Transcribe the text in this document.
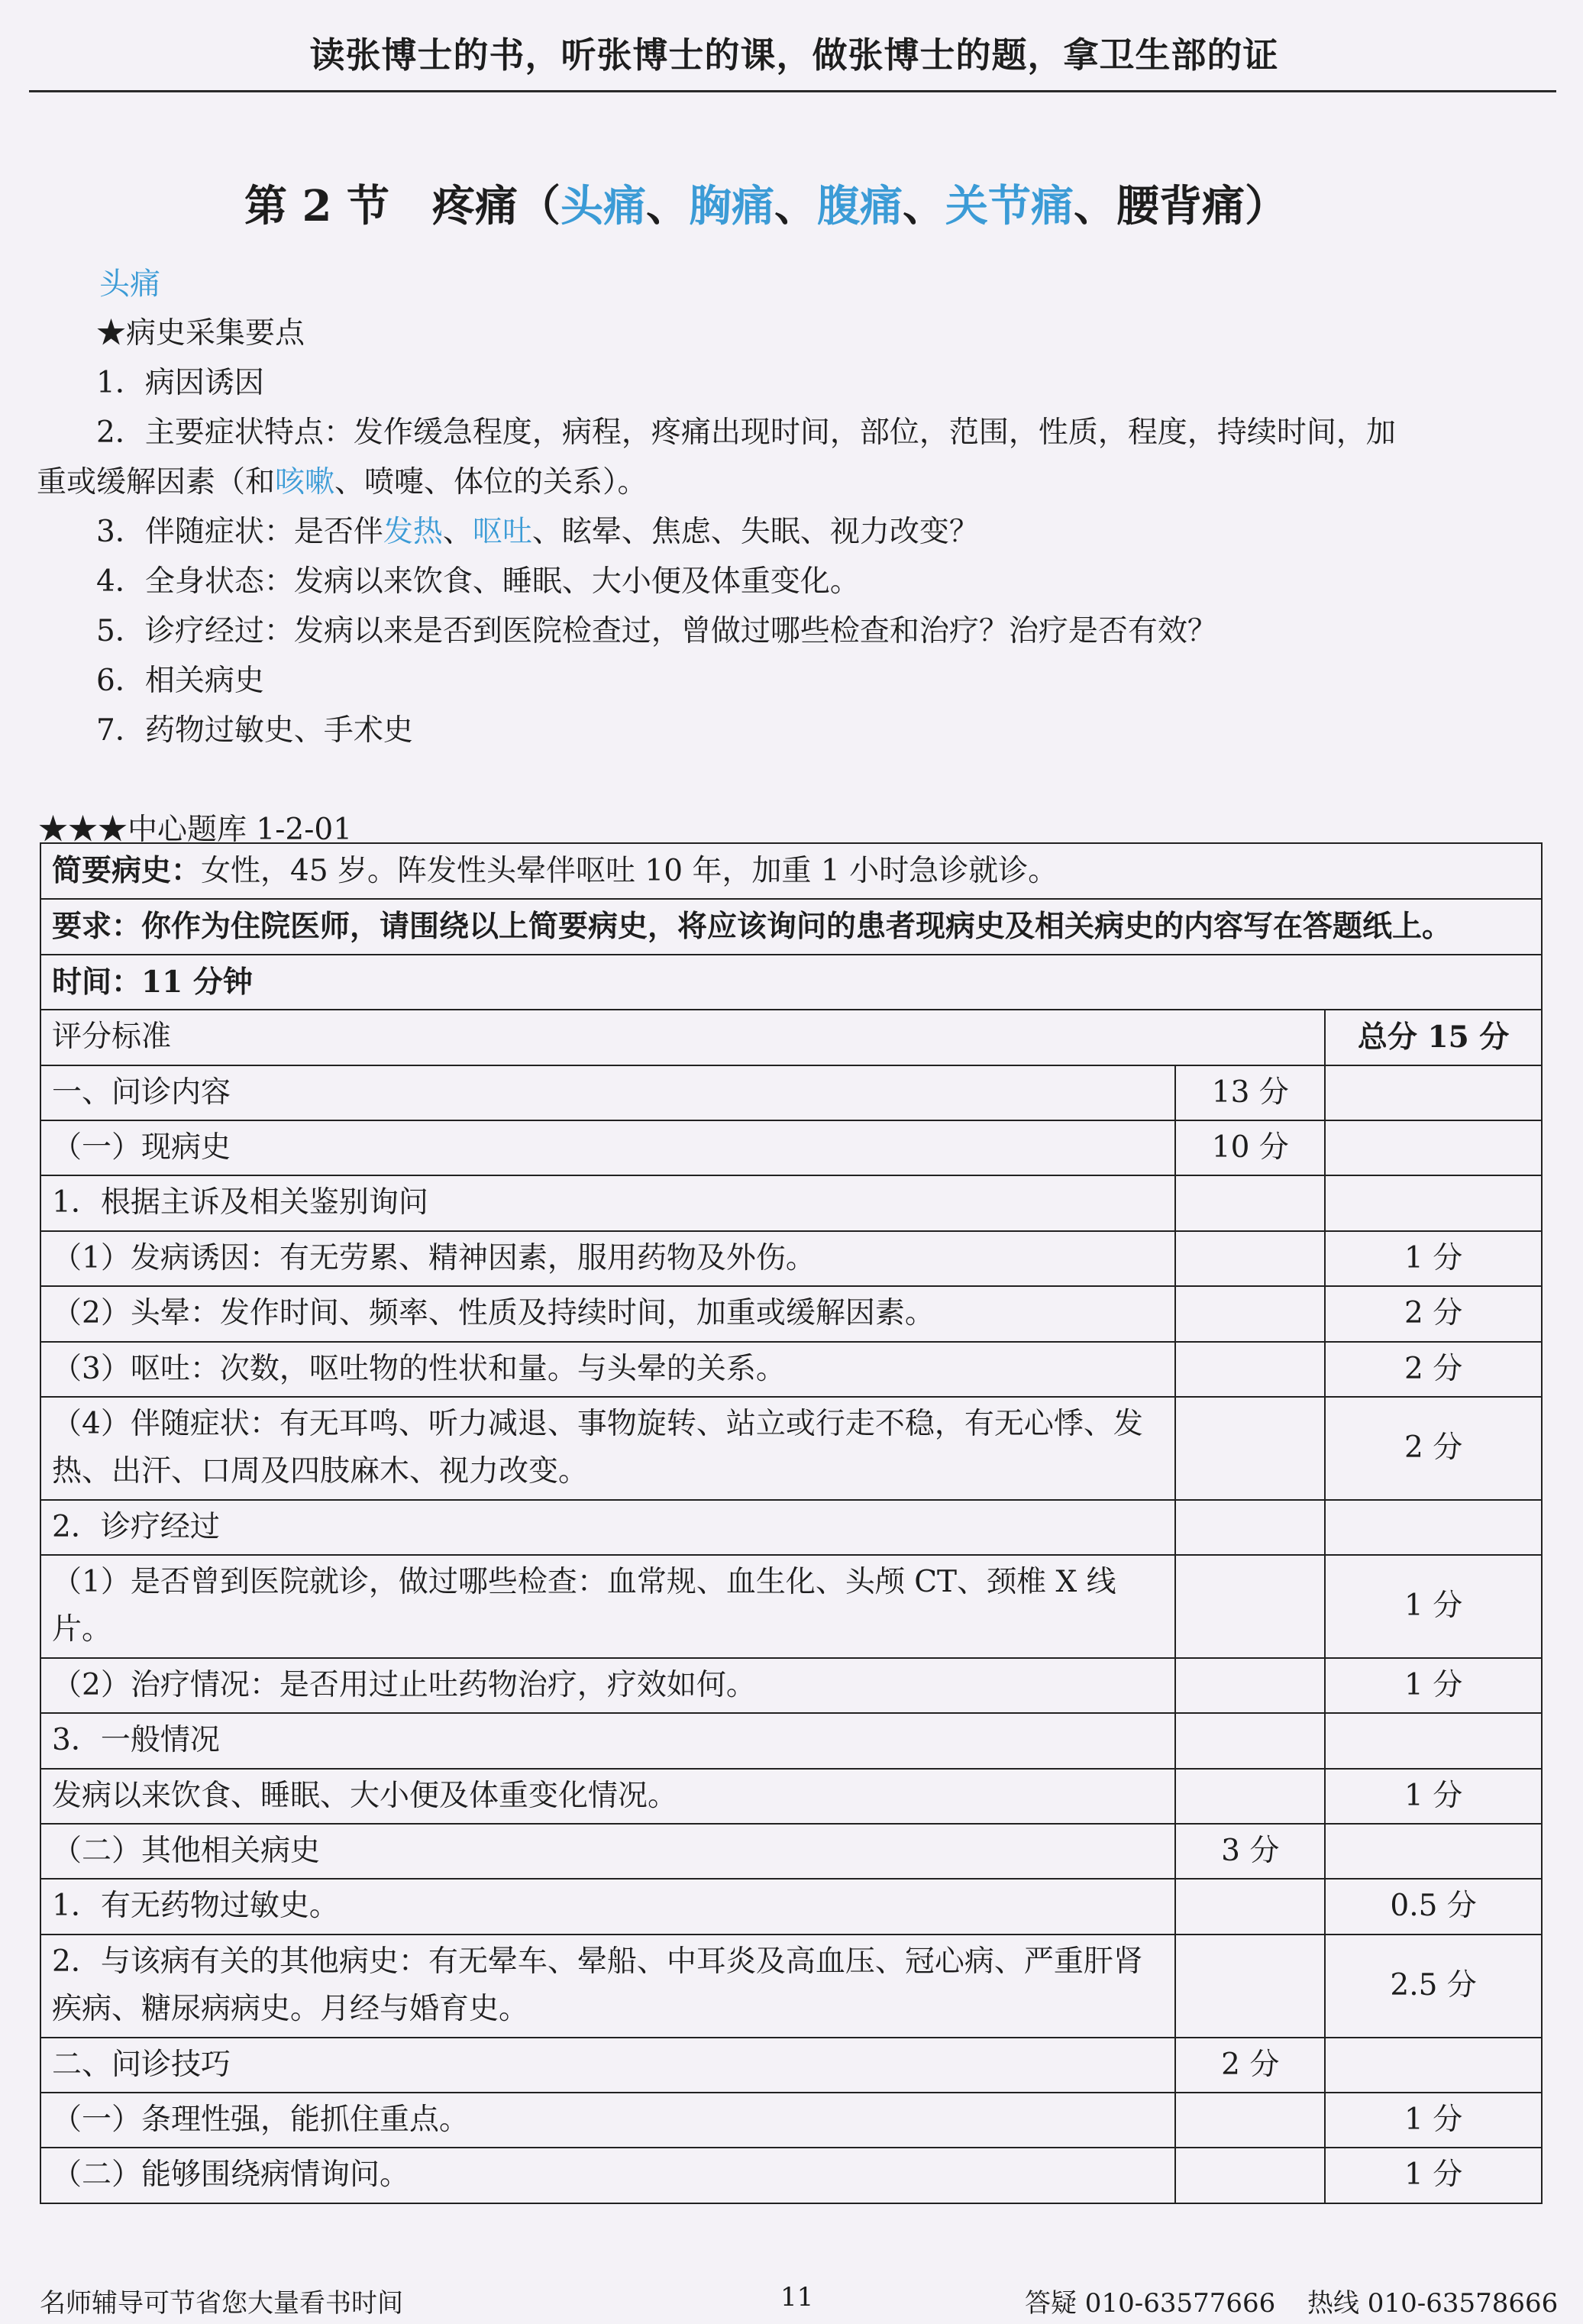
读张博士的书，听张博士的课，做张博士的题，拿卫生部的证
第 2 节　疼痛（头痛、胸痛、腹痛、关节痛、腰背痛）
头痛
★病史采集要点
1．病因诱因
2．主要症状特点：发作缓急程度，病程，疼痛出现时间，部位，范围，性质，程度，持续时间，加
重或缓解因素（和咳嗽、喷嚏、体位的关系）。
3．伴随症状：是否伴发热、呕吐、眩晕、焦虑、失眠、视力改变？
4．全身状态：发病以来饮食、睡眠、大小便及体重变化。
5．诊疗经过：发病以来是否到医院检查过，曾做过哪些检查和治疗？治疗是否有效？
6．相关病史
7．药物过敏史、手术史
★★★中心题库 1-2-01
简要病史：女性，45 岁。阵发性头晕伴呕吐 10 年，加重 1 小时急诊就诊。		
要求：你作为住院医师，请围绕以上简要病史，将应该询问的患者现病史及相关病史的内容写在答题纸上。		
时间：11 分钟		
评分标准		总分 15 分
一、问诊内容	13 分	
（一）现病史	10 分	
1．根据主诉及相关鉴别询问		
（1）发病诱因：有无劳累、精神因素，服用药物及外伤。		1 分
（2）头晕：发作时间、频率、性质及持续时间，加重或缓解因素。		2 分
（3）呕吐：次数，呕吐物的性状和量。与头晕的关系。		2 分
（4）伴随症状：有无耳鸣、听力减退、事物旋转、站立或行走不稳，有无心悸、发热、出汗、口周及四肢麻木、视力改变。		2 分
2．诊疗经过		
（1）是否曾到医院就诊，做过哪些检查：血常规、血生化、头颅 CT、颈椎 X 线片。		1 分
（2）治疗情况：是否用过止吐药物治疗，疗效如何。		1 分
3．一般情况		
发病以来饮食、睡眠、大小便及体重变化情况。		1 分
（二）其他相关病史	3 分	
1．有无药物过敏史。		0.5 分
2．与该病有关的其他病史：有无晕车、晕船、中耳炎及高血压、冠心病、严重肝肾疾病、糖尿病病史。月经与婚育史。		2.5 分
二、问诊技巧	2 分	
（一）条理性强，能抓住重点。		1 分
（二）能够围绕病情询问。		1 分
名师辅导可节省您大量看书时间	11	答疑 010-63577666 热线 010-63578666
